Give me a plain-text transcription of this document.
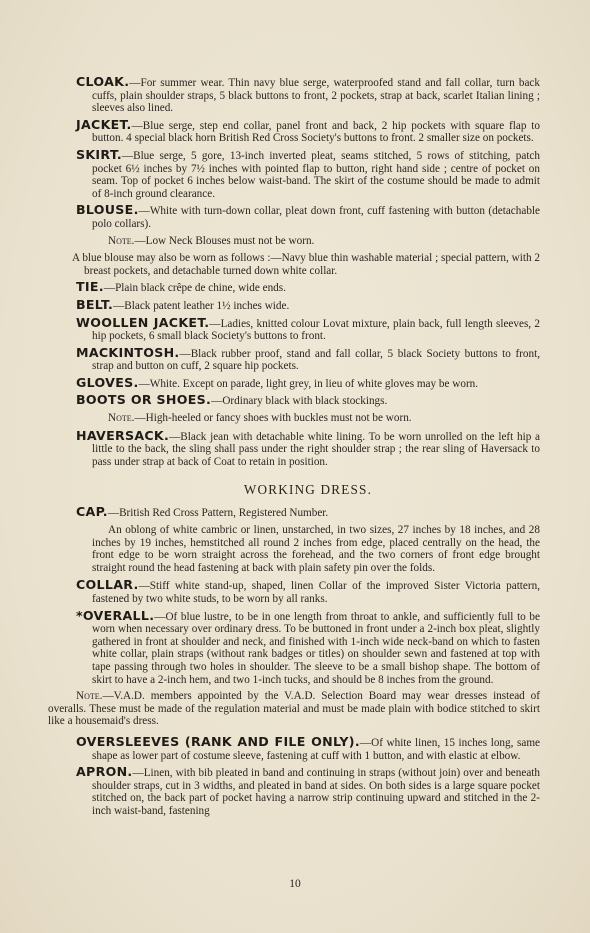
CLOAK.—For summer wear. Thin navy blue serge, waterproofed stand and fall collar, turn back cuffs, plain shoulder straps, 5 black buttons to front, 2 pockets, strap at back, scarlet Italian lining ; sleeves also lined.

JACKET.—Blue serge, step end collar, panel front and back, 2 hip pockets with square flap to button. 4 special black horn British Red Cross Society's buttons to front. 2 smaller size on pockets.

SKIRT.—Blue serge, 5 gore, 13-inch inverted pleat, seams stitched, 5 rows of stitching, patch pocket 6½ inches by 7½ inches with pointed flap to button, right hand side ; centre of pocket on seam. Top of pocket 6 inches below waist-band. The skirt of the costume should be made to admit of 8-inch ground clearance.

BLOUSE.—White with turn-down collar, pleat down front, cuff fastening with button (detachable polo collars).

Note.—Low Neck Blouses must not be worn.

A blue blouse may also be worn as follows :—Navy blue thin washable material ; special pattern, with 2 breast pockets, and detachable turned down white collar.

TIE.—Plain black crêpe de chine, wide ends.

BELT.—Black patent leather 1½ inches wide.

WOOLLEN JACKET.—Ladies, knitted colour Lovat mixture, plain back, full length sleeves, 2 hip pockets, 6 small black Society's buttons to front.

MACKINTOSH.—Black rubber proof, stand and fall collar, 5 black Society buttons to front, strap and button on cuff, 2 square hip pockets.

GLOVES.—White. Except on parade, light grey, in lieu of white gloves may be worn.

BOOTS OR SHOES.—Ordinary black with black stockings.

Note.—High-heeled or fancy shoes with buckles must not be worn.

HAVERSACK.—Black jean with detachable white lining. To be worn unrolled on the left hip a little to the back, the sling shall pass under the right shoulder strap ; the rear sling of Haversack to pass under strap at back of Coat to retain in position.

WORKING DRESS.

CAP.—British Red Cross Pattern, Registered Number.

An oblong of white cambric or linen, unstarched, in two sizes, 27 inches by 18 inches, and 28 inches by 19 inches, hemstitched all round 2 inches from edge, placed centrally on the head, the front edge to be worn straight across the forehead, and the two corners of front edge brought straight round the head fastening at back with plain safety pin over the folds.

COLLAR.—Stiff white stand-up, shaped, linen Collar of the improved Sister Victoria pattern, fastened by two white studs, to be worn by all ranks.

*OVERALL.—Of blue lustre, to be in one length from throat to ankle, and sufficiently full to be worn when necessary over ordinary dress. To be buttoned in front under a 2-inch box pleat, slightly gathered in front at shoulder and neck, and finished with 1-inch wide neck-band on which to fasten white collar, plain straps (without rank badges or titles) on shoulder sewn and fastened at top with tape passing through two holes in shoulder. The sleeve to be a small bishop shape. The bottom of skirt to have a 2-inch hem, and two 1-inch tucks, and should be 8 inches from the ground.

Note.—V.A.D. members appointed by the V.A.D. Selection Board may wear dresses instead of overalls. These must be made of the regulation material and must be made plain with bodice stitched to skirt like a housemaid's dress.

OVERSLEEVES (RANK AND FILE ONLY).—Of white linen, 15 inches long, same shape as lower part of costume sleeve, fastening at cuff with 1 button, and with elastic at elbow.

APRON.—Linen, with bib pleated in band and continuing in straps (without join) over and beneath shoulder straps, cut in 3 widths, and pleated in band at sides. On both sides is a large square pocket stitched on, the back part of pocket having a narrow strip continuing upward and stitched in the 2-inch waist-band, fastening

10
